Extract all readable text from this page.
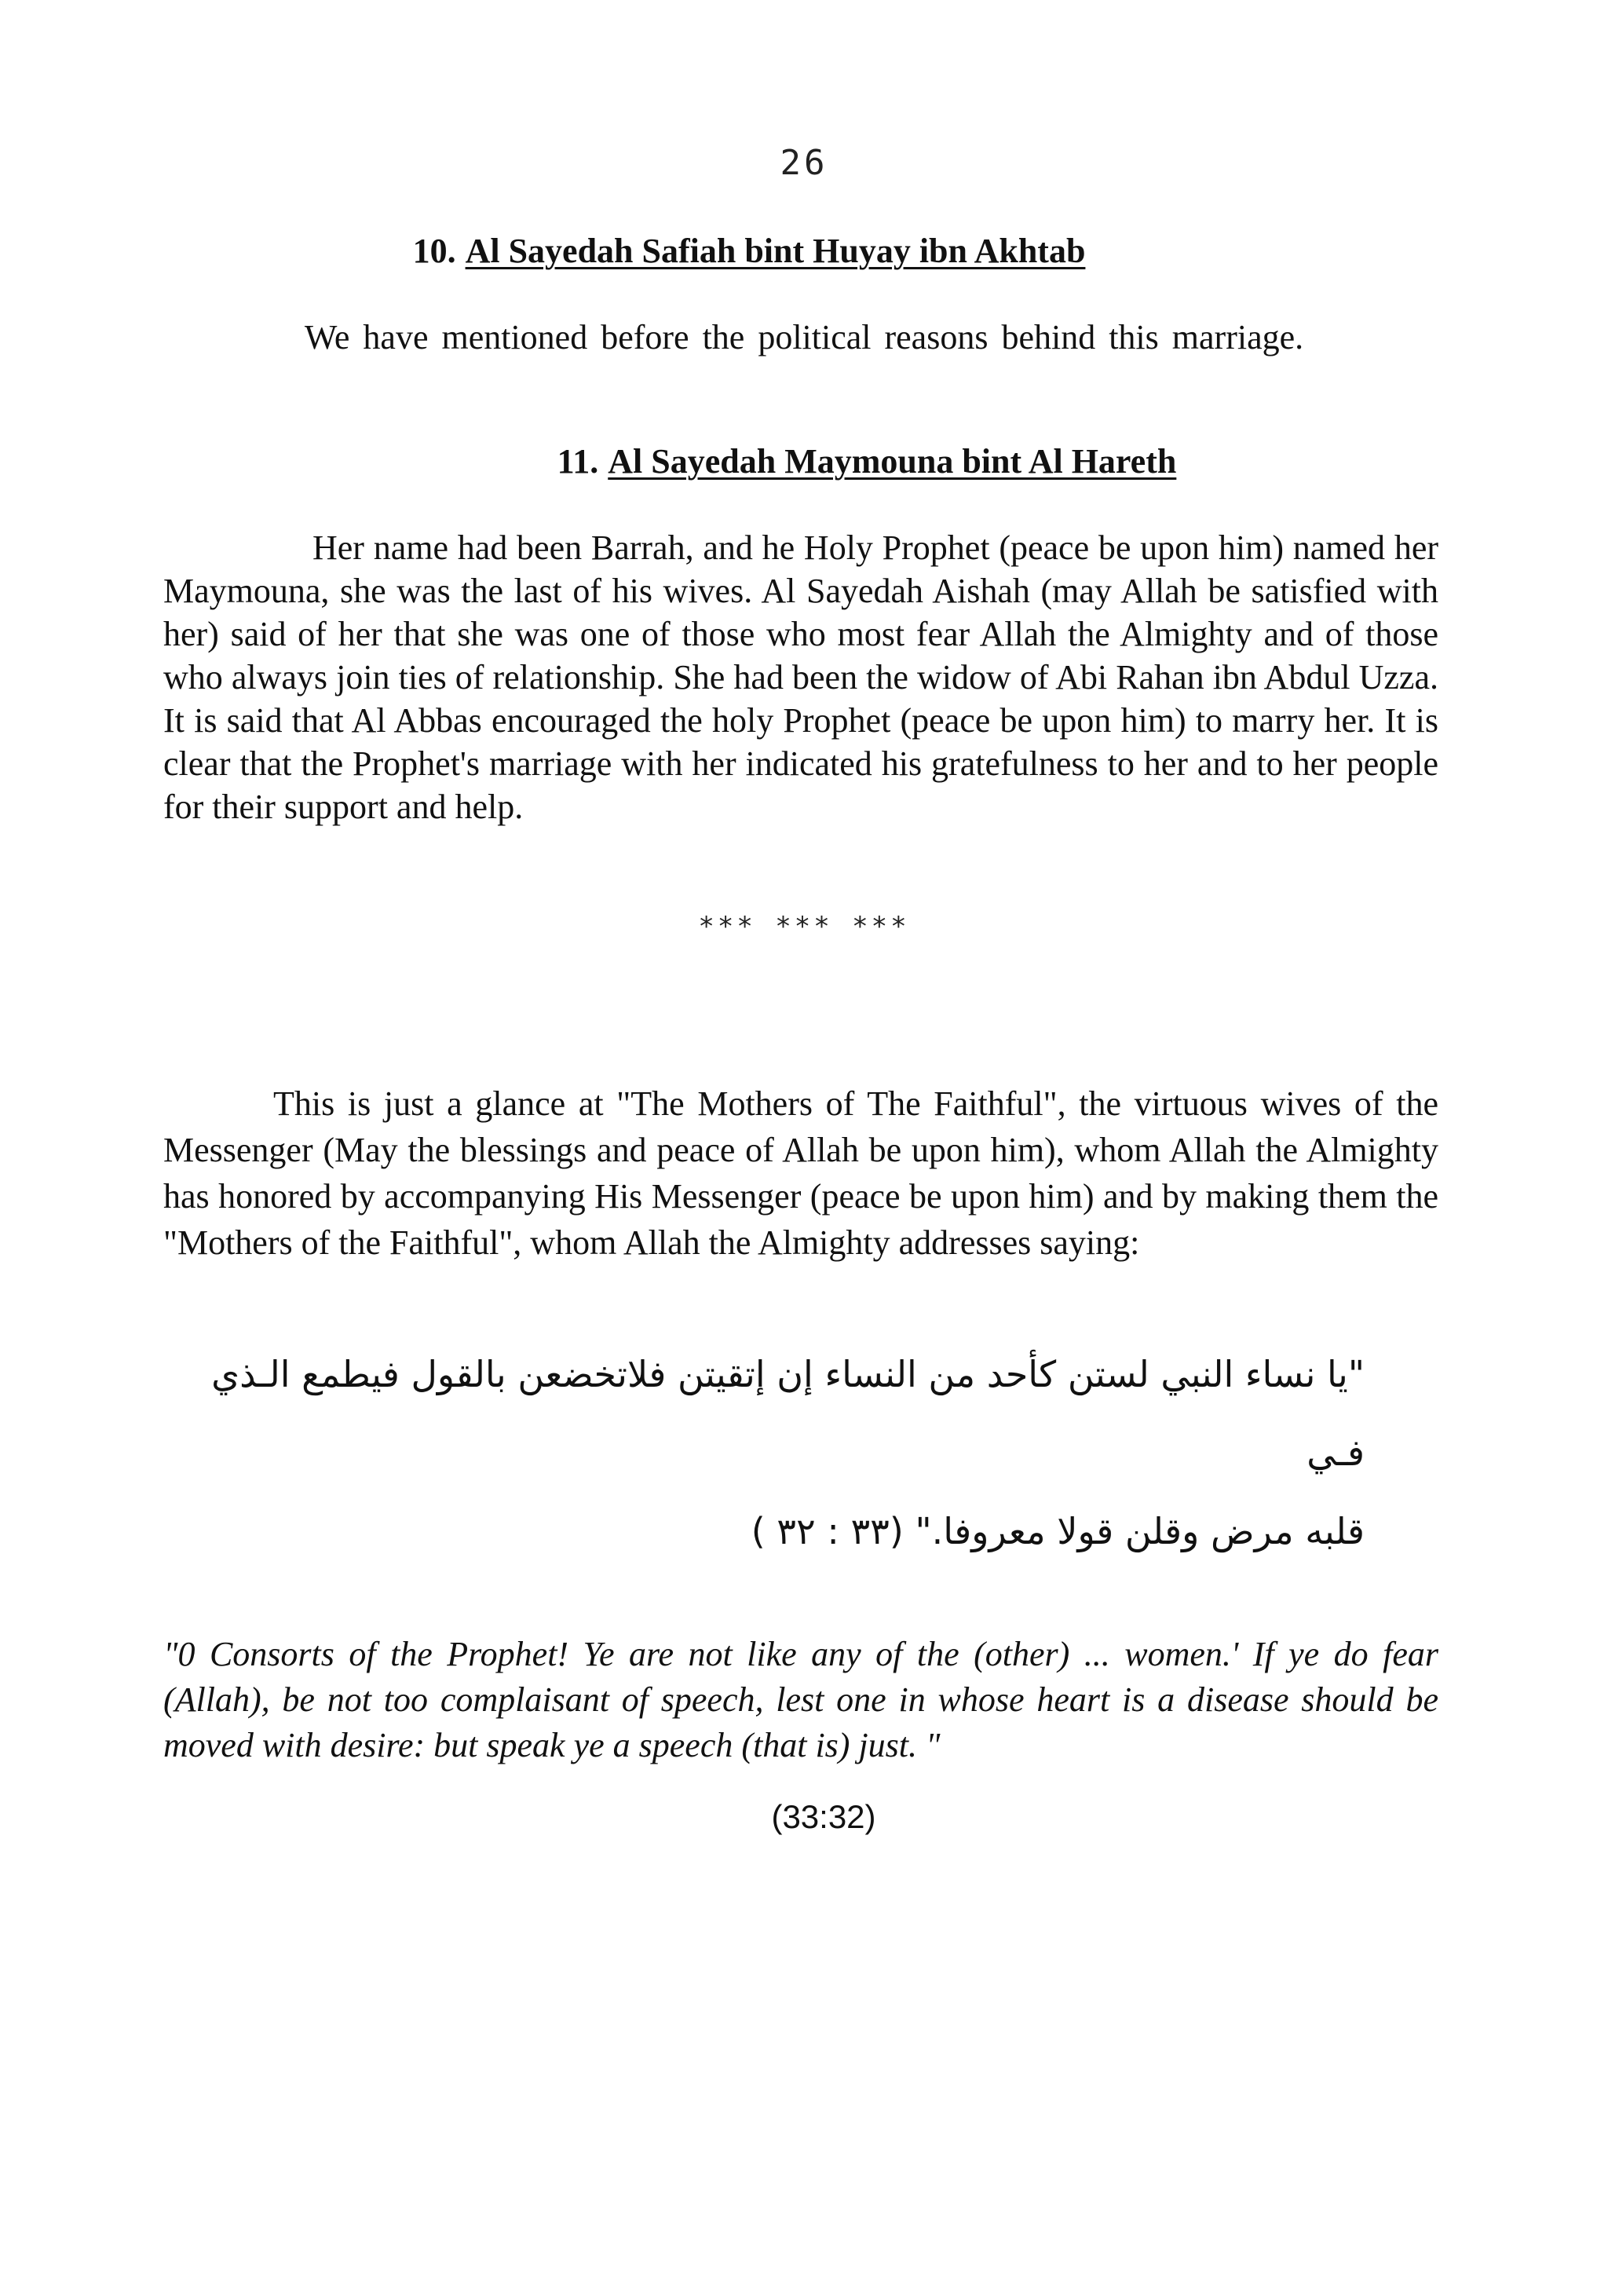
26
10. Al Sayedah Safiah bint Huyay ibn Akhtab
We have mentioned before the political reasons behind this marriage.
11. Al Sayedah Maymouna bint Al Hareth
Her name had been Barrah, and he Holy Prophet (peace be upon him) named her Maymouna, she was the last of his wives. Al Sayedah Aishah (may Allah be satisfied with her) said of her that she was one of those who most fear Allah the Almighty and of those who always join ties of relationship. She had been the widow of Abi Rahan ibn Abdul Uzza. It is said that Al Abbas encouraged the holy Prophet (peace be upon him) to marry her. It is clear that the Prophet's marriage with her indicated his gratefulness to her and to her people for their support and help.
*** *** ***
This is just a glance at "The Mothers of The Faithful", the virtuous wives of the Messenger (May the blessings and peace of Allah be upon him), whom Allah the Almighty has honored by accompanying His Messenger (peace be upon him) and by making them the "Mothers of the Faithful", whom Allah the Almighty addresses saying:
"يا نساء النبي لستن كأحد من النساء إن إتقيتن فلاتخضعن بالقول فيطمع الـذي فـي
قلبه مرض وقلن قولا معروفا." (٣٣ : ٣٢ )
"0 Consorts of the Prophet! Ye are not like any of the (other) ... women.' If ye do fear (Allah), be not too complaisant of speech, lest one in whose heart is a disease should be moved with desire: but speak ye a speech (that is) just. "
(33:32)
